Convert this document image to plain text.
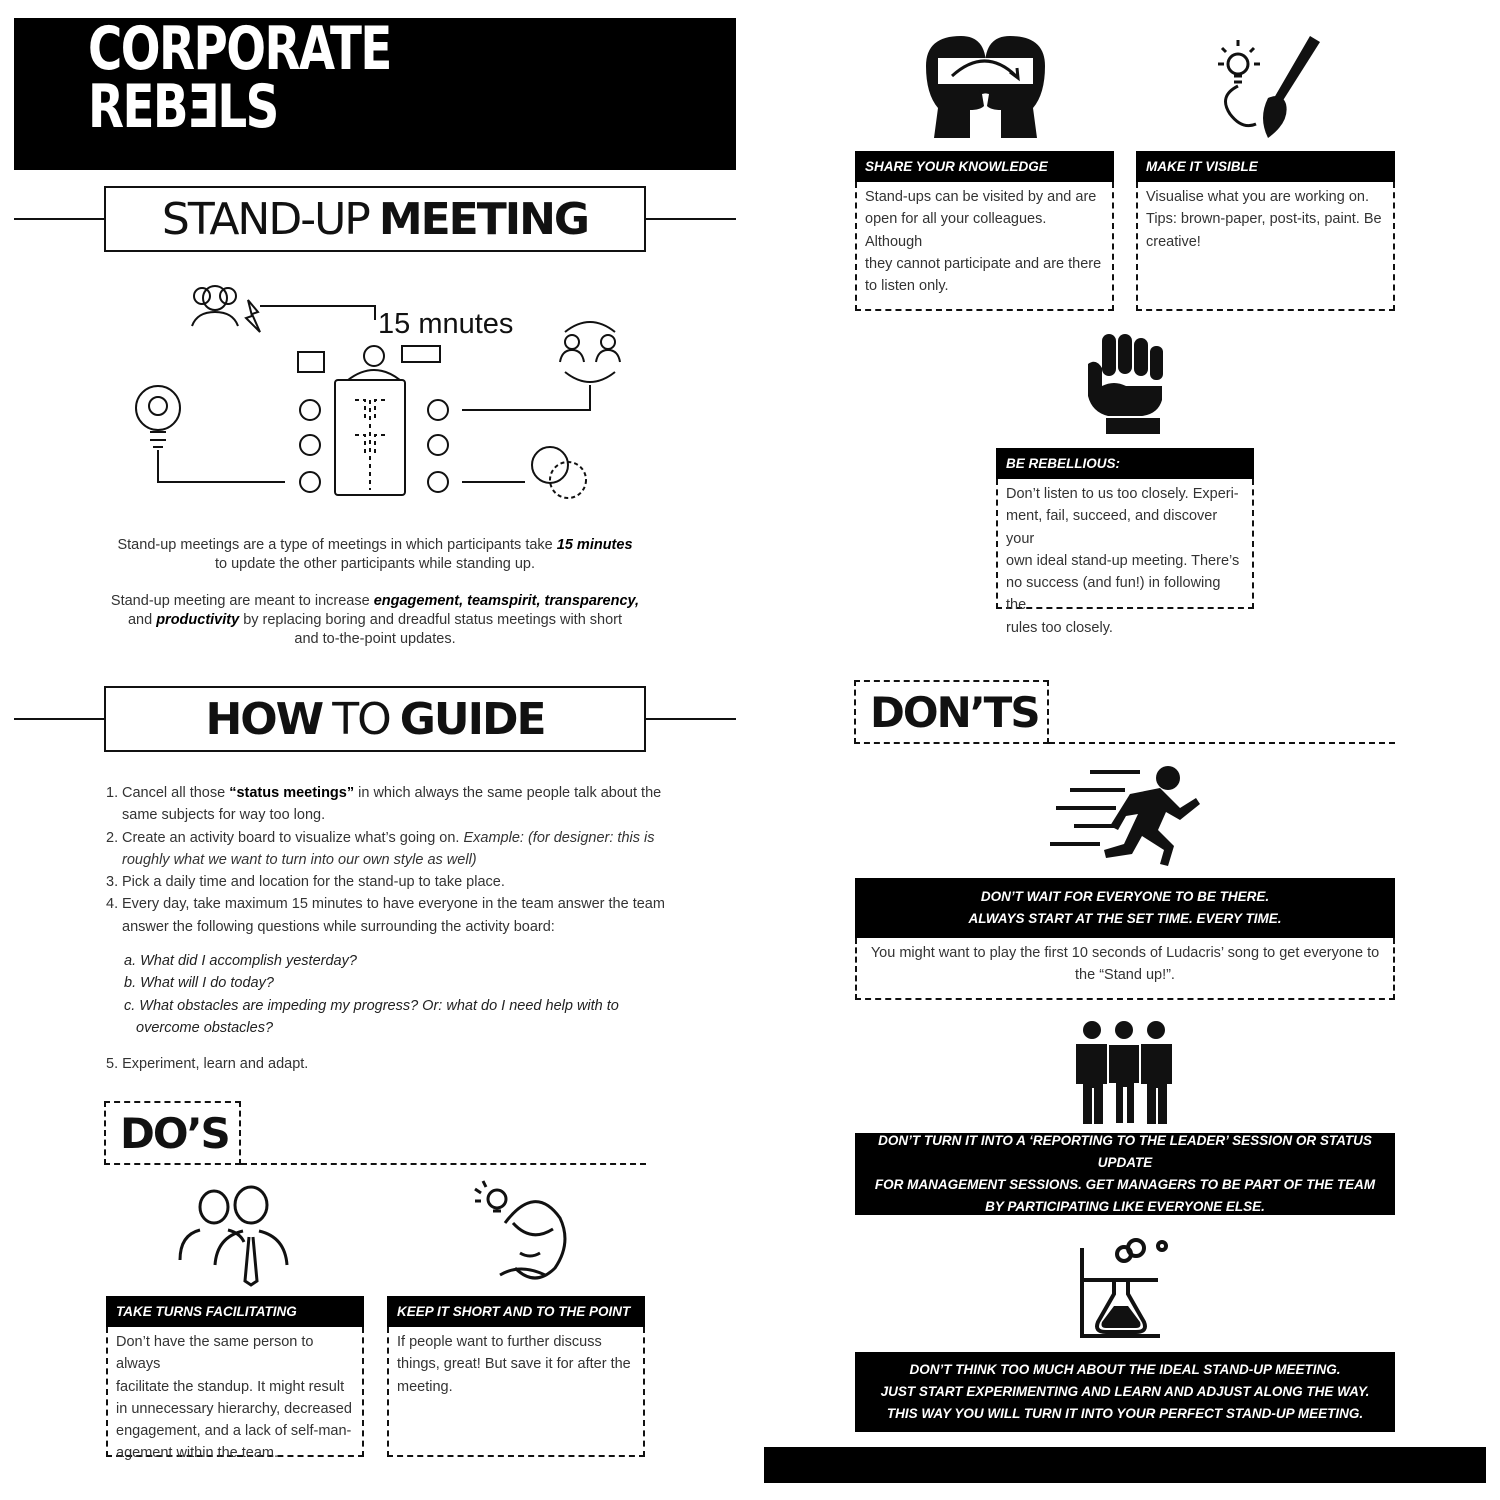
CORPORATE
REBƎLS
STAND-UP MEETING
15 mnutes
Stand-up meetings are a type of meetings in which participants take 15 minutes
to update the other participants while standing up.
Stand-up meeting are meant to increase engagement, teamspirit, transparency,
and productivity by replacing boring and dreadful status meetings with short
and to-the-point updates.
HOW TO GUIDE
1. Cancel all those “status meetings” in which always the same people talk about the
same subjects for way too long.
2. Create an activity board to visualize what’s going on. Example: (for designer: this is
roughly what we want to turn into our own style as well)
3. Pick a daily time and location for the stand-up to take place.
4. Every day, take maximum 15 minutes to have everyone in the team answer the team
answer the following questions while surrounding the activity board:
a. What did I accomplish yesterday?
b. What will I do today?
c. What obstacles are impeding my progress? Or: what do I need help with to
overcome obstacles?
5. Experiment, learn and adapt.
DO’S
TAKE TURNS FACILITATING
Don’t have the same person to always
facilitate the standup. It might result
in unnecessary hierarchy, decreased
engagement, and a lack of self-man-
agement within the team.
KEEP IT SHORT AND TO THE POINT
If people want to further discuss
things, great! But save it for after the
meeting.
SHARE YOUR KNOWLEDGE
Stand-ups can be visited by and are
open for all your colleagues. Although
they cannot participate and are there
to listen only.
MAKE IT VISIBLE
Visualise what you are working on.
Tips: brown-paper, post-its, paint. Be
creative!
BE REBELLIOUS:
Don’t listen to us too closely. Experi-
ment, fail, succeed, and discover your
own ideal stand-up meeting. There’s
no success (and fun!) in following the
rules too closely.
DON’TS
DON’T WAIT FOR EVERYONE TO BE THERE.
ALWAYS START AT THE SET TIME. EVERY TIME.
You might want to play the first 10 seconds of Ludacris’ song to get everyone to
the “Stand up!”.
DON’T TURN IT INTO A ‘REPORTING TO THE LEADER’ SESSION OR STATUS UPDATE
FOR MANAGEMENT SESSIONS. GET MANAGERS TO BE PART OF THE TEAM
BY PARTICIPATING LIKE EVERYONE ELSE.
DON’T THINK TOO MUCH ABOUT THE IDEAL STAND-UP MEETING.
JUST START EXPERIMENTING AND LEARN AND ADJUST ALONG THE WAY.
THIS WAY YOU WILL TURN IT INTO YOUR PERFECT STAND-UP MEETING.
